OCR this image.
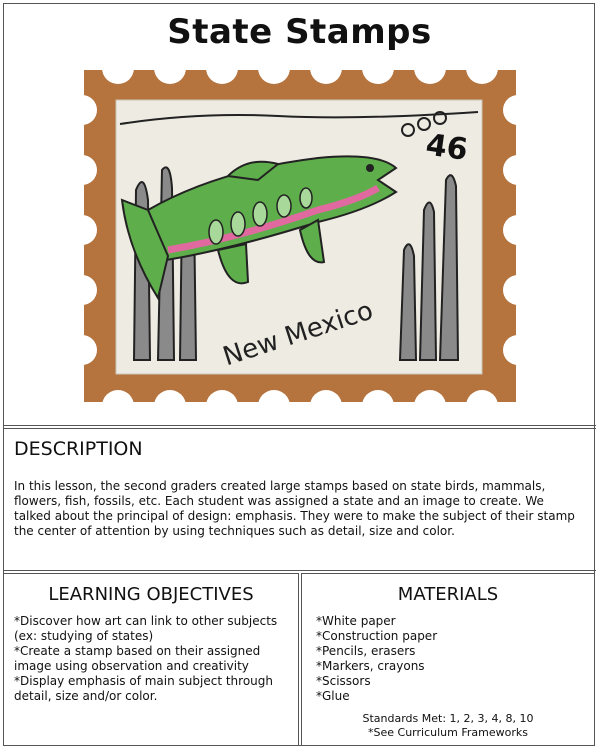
State Stamps
46
New Mexico
DESCRIPTION
In this lesson, the second graders created large stamps based on state birds, mammals, flowers, fish, fossils, etc. Each student was assigned a state and an image to create. We talked about the principal of design: emphasis. They were to make the subject of their stamp the center of attention by using techniques such as detail, size and color.
LEARNING OBJECTIVES
*Discover how art can link to other subjects (ex: studying of states)
*Create a stamp based on their assigned image using observation and creativity
*Display emphasis of main subject through detail, size and/or color.
MATERIALS
*White paper
*Construction paper
*Pencils, erasers
*Markers, crayons
*Scissors
*Glue
Standards Met: 1, 2, 3, 4, 8, 10
*See Curriculum Frameworks
